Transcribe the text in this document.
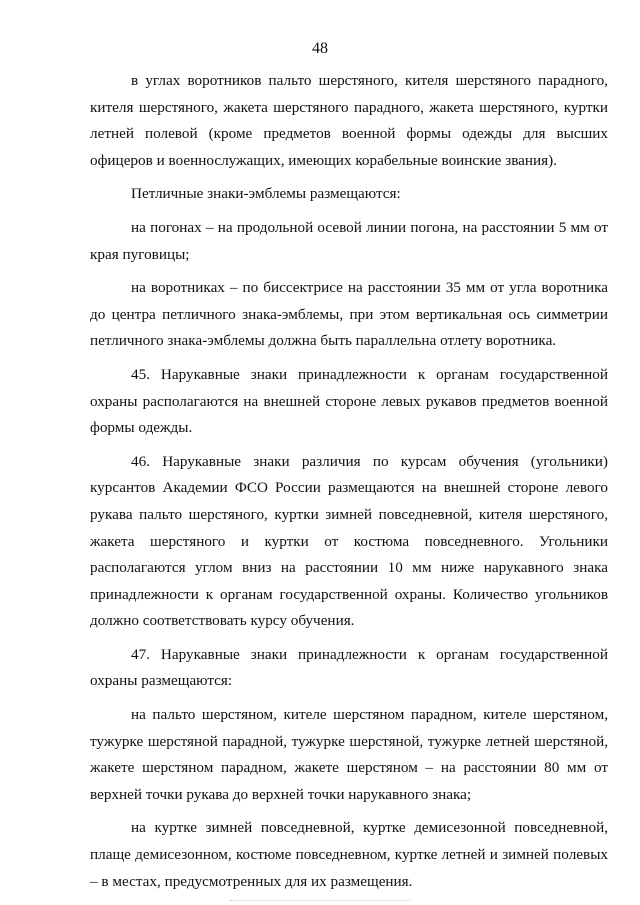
48

в углах воротников пальто шерстяного, кителя шерстяного парадного, кителя шерстяного, жакета шерстяного парадного, жакета шерстяного, куртки летней полевой (кроме предметов военной формы одежды для высших офицеров и военнослужащих, имеющих корабельные воинские звания).

Петличные знаки-эмблемы размещаются:

на погонах – на продольной осевой линии погона, на расстоянии 5 мм от края пуговицы;

на воротниках – по биссектрисе на расстоянии 35 мм от угла воротника до центра петличного знака-эмблемы, при этом вертикальная ось симметрии петличного знака-эмблемы должна быть параллельна отлету воротника.

45. Нарукавные знаки принадлежности к органам государственной охраны располагаются на внешней стороне левых рукавов предметов военной формы одежды.

46. Нарукавные знаки различия по курсам обучения (угольники) курсантов Академии ФСО России размещаются на внешней стороне левого рукава пальто шерстяного, куртки зимней повседневной, кителя шерстяного, жакета шерстяного и куртки от костюма повседневного. Угольники располагаются углом вниз на расстоянии 10 мм ниже нарукавного знака принадлежности к органам государственной охраны. Количество угольников должно соответствовать курсу обучения.

47. Нарукавные знаки принадлежности к органам государственной охраны размещаются:

на пальто шерстяном, кителе шерстяном парадном, кителе шерстяном, тужурке шерстяной парадной, тужурке шерстяной, тужурке летней шерстяной, жакете шерстяном парадном, жакете шерстяном – на расстоянии 80 мм от верхней точки рукава до верхней точки нарукавного знака;

на куртке зимней повседневной, куртке демисезонной повседневной, плаще демисезонном, костюме повседневном, куртке летней и зимней полевых – в местах, предусмотренных для их размещения.
